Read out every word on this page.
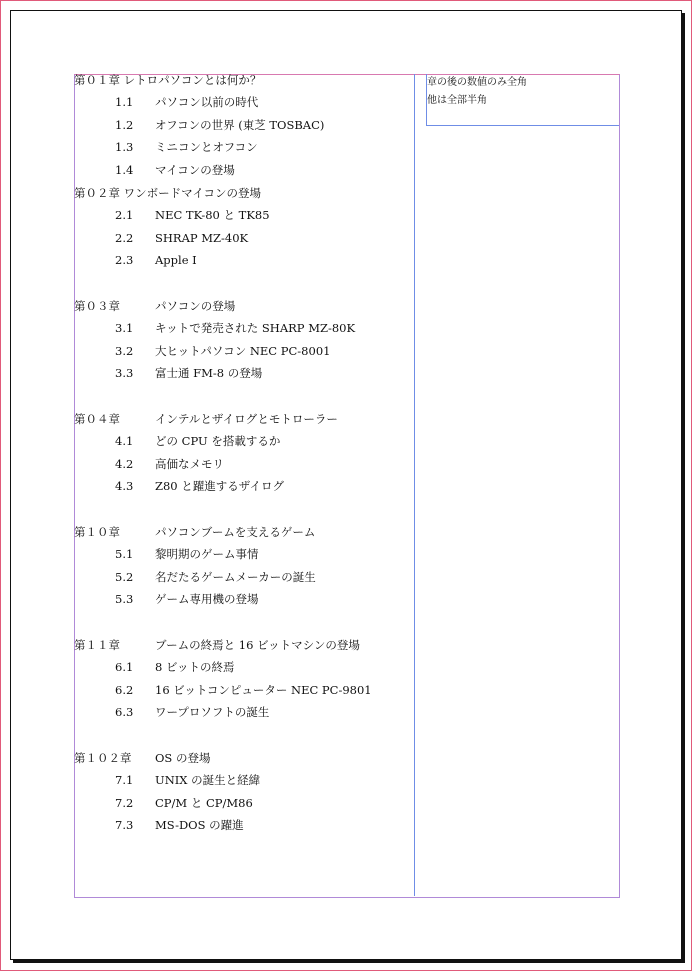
章の後の数値のみ全角
他は全部半角
第０１章 レトロパソコンとは何か？
1.1 パソコン以前の時代
1.2 オフコンの世界 (東芝 TOSBAC)
1.3 ミニコンとオフコン
1.4 マイコンの登場
第０２章 ワンボードマイコンの登場
2.1 NEC TK-80 と TK85
2.2 SHRAP MZ-40K
2.3 Apple I
第０３章	パソコンの登場
3.1 キットで発売された SHARP MZ-80K
3.2 大ヒットパソコン NEC PC-8001
3.3 富士通 FM-8 の登場
第０４章	インテルとザイログとモトローラー
4.1 どの CPU を搭載するか
4.2 高価なメモリ
4.3 Z80 と躍進するザイログ
第１０章	パソコンブームを支えるゲーム
5.1 黎明期のゲーム事情
5.2 名だたるゲームメーカーの誕生
5.3 ゲーム専用機の登場
第１１章	ブームの終焉と 16 ビットマシンの登場
6.1 8 ビットの終焉
6.2 16 ビットコンピューター NEC PC-9801
6.3 ワープロソフトの誕生
第１０２章 OS の登場
7.1 UNIX の誕生と経緯
7.2 CP/M と CP/M86
7.3 MS-DOS の躍進
